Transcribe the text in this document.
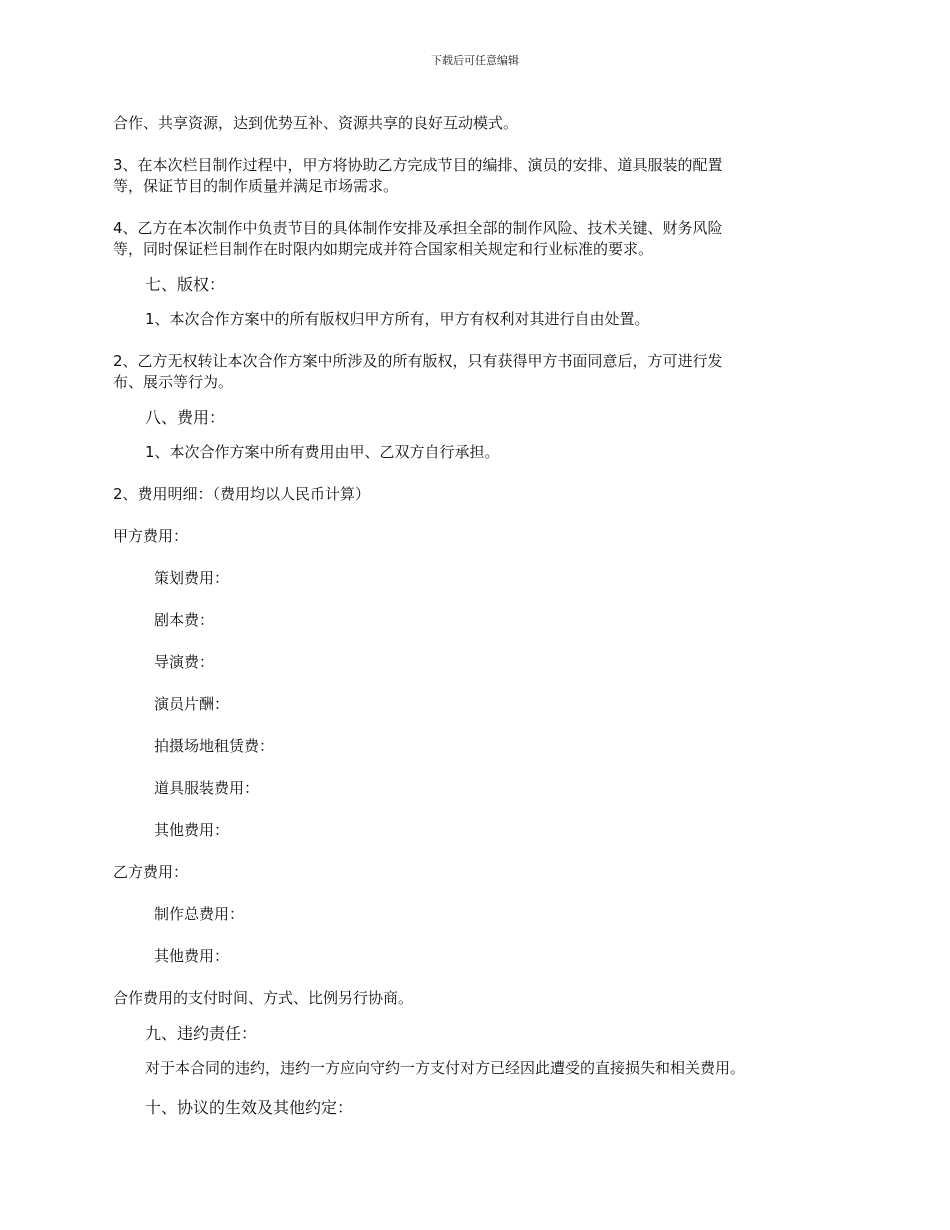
下载后可任意编辑
合作、共享资源，达到优势互补、资源共享的良好互动模式。
3、在本次栏目制作过程中，甲方将协助乙方完成节目的编排、演员的安排、道具服装的配置
等，保证节目的制作质量并满足市场需求。
4、乙方在本次制作中负责节目的具体制作安排及承担全部的制作风险、技术关键、财务风险
等，同时保证栏目制作在时限内如期完成并符合国家相关规定和行业标准的要求。
七、版权：
1、本次合作方案中的所有版权归甲方所有，甲方有权利对其进行自由处置。
2、乙方无权转让本次合作方案中所涉及的所有版权，只有获得甲方书面同意后，方可进行发
布、展示等行为。
八、费用：
1、本次合作方案中所有费用由甲、乙双方自行承担。
2、费用明细：（费用均以人民币计算）
甲方费用：
策划费用：
剧本费：
导演费：
演员片酬：
拍摄场地租赁费：
道具服装费用：
其他费用：
乙方费用：
制作总费用：
其他费用：
合作费用的支付时间、方式、比例另行协商。
九、违约责任：
对于本合同的违约，违约一方应向守约一方支付对方已经因此遭受的直接损失和相关费用。
十、协议的生效及其他约定：
